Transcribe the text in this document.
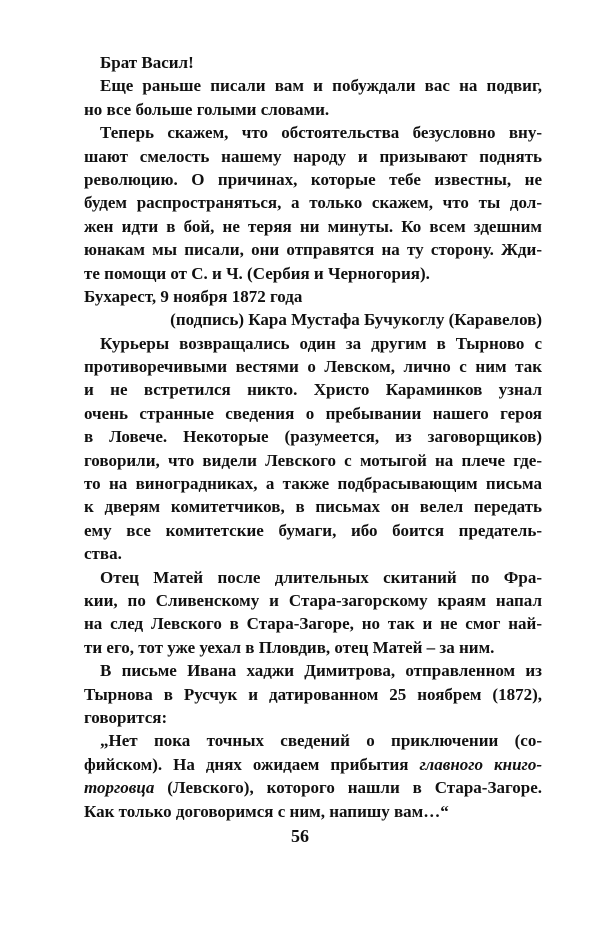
Брат Васил!
Еще раньше писали вам и побуждали вас на подвиг,
но все больше голыми словами.
Теперь скажем, что обстоятельства безусловно вну-
шают смелость нашему народу и призывают поднять
революцию. О причинах, которые тебе известны, не
будем распространяться, а только скажем, что ты дол-
жен идти в бой, не теряя ни минуты. Ко всем здешним
юнакам мы писали, они отправятся на ту сторону. Жди-
те помощи от С. и Ч. (Сербия и Черногория).
Бухарест, 9 ноября 1872 года
(подпись) Кара Мустафа Бучукоглу (Каравелов)
Курьеры возвращались один за другим в Тырново с
противоречивыми вестями о Левском, лично с ним так
и не встретился никто. Христо Караминков узнал
очень странные сведения о пребывании нашего героя
в Ловече. Некоторые (разумеется, из заговорщиков)
говорили, что видели Левского с мотыгой на плече где-
то на виноградниках, а также подбрасывающим письма
к дверям комитетчиков, в письмах он велел передать
ему все комитетские бумаги, ибо боится предатель-
ства.
Отец Матей после длительных скитаний по Фра-
кии, по Сливенскому и Стара-загорскому краям напал
на след Левского в Стара-Загоре, но так и не смог най-
ти его, тот уже уехал в Пловдив, отец Матей – за ним.
В письме Ивана хаджи Димитрова, отправленном из
Тырнова в Русчук и датированном 25 ноябрем (1872),
говорится:
„Нет пока точных сведений о приключении (со-
фийском). На днях ожидаем прибытия главного книго-
торговца (Левского), которого нашли в Стара-Загоре.
Как только договоримся с ним, напишу вам…“
56
